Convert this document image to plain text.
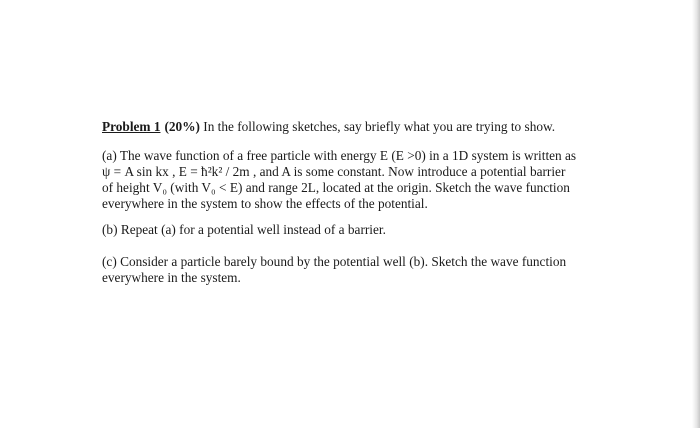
Problem 1 (20%) In the following sketches, say briefly what you are trying to show.

(a) The wave function of a free particle with energy E (E >0) in a 1D system is written as
ψ = A sin kx , E = ħ²k² / 2m , and A is some constant. Now introduce a potential barrier
of height V₀ (with V₀ < E) and range 2L, located at the origin. Sketch the wave function
everywhere in the system to show the effects of the potential.

(b) Repeat (a) for a potential well instead of a barrier.

(c) Consider a particle barely bound by the potential well (b). Sketch the wave function
everywhere in the system.
